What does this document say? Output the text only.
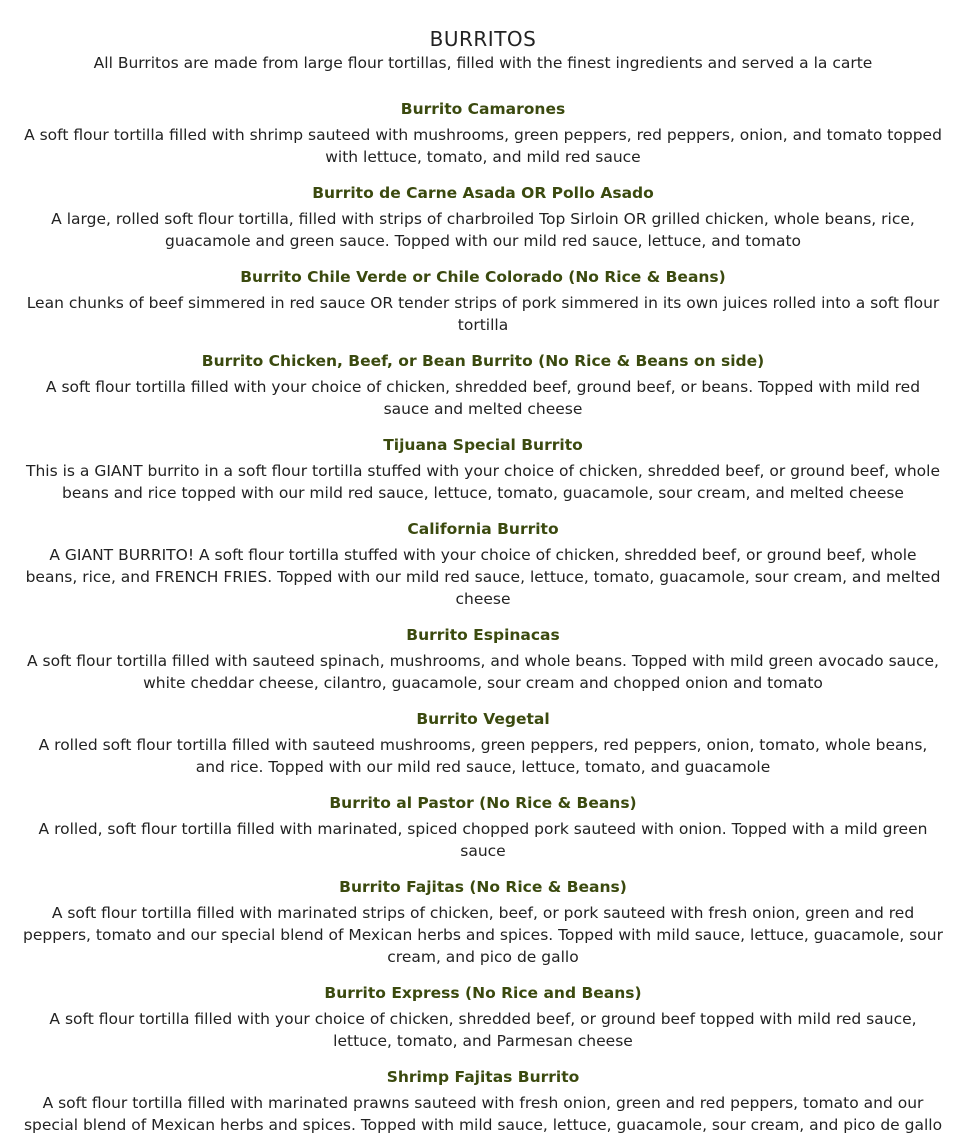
BURRITOS

All Burritos are made from large flour tortillas, filled with the finest ingredients and served a la carte

Burrito Camarones

A soft flour tortilla filled with shrimp sauteed with mushrooms, green peppers, red peppers, onion, and tomato topped with lettuce, tomato, and mild red sauce

Burrito de Carne Asada OR Pollo Asado

A large, rolled soft flour tortilla, filled with strips of charbroiled Top Sirloin OR grilled chicken, whole beans, rice, guacamole and green sauce. Topped with our mild red sauce, lettuce, and tomato

Burrito Chile Verde or Chile Colorado (No Rice & Beans)

Lean chunks of beef simmered in red sauce OR tender strips of pork simmered in its own juices rolled into a soft flour tortilla

Burrito Chicken, Beef, or Bean Burrito (No Rice & Beans on side)

A soft flour tortilla filled with your choice of chicken, shredded beef, ground beef, or beans. Topped with mild red sauce and melted cheese

Tijuana Special Burrito

This is a GIANT burrito in a soft flour tortilla stuffed with your choice of chicken, shredded beef, or ground beef, whole beans and rice topped with our mild red sauce, lettuce, tomato, guacamole, sour cream, and melted cheese

California Burrito

A GIANT BURRITO! A soft flour tortilla stuffed with your choice of chicken, shredded beef, or ground beef, whole beans, rice, and FRENCH FRIES. Topped with our mild red sauce, lettuce, tomato, guacamole, sour cream, and melted cheese

Burrito Espinacas

A soft flour tortilla filled with sauteed spinach, mushrooms, and whole beans. Topped with mild green avocado sauce, white cheddar cheese, cilantro, guacamole, sour cream and chopped onion and tomato

Burrito Vegetal

A rolled soft flour tortilla filled with sauteed mushrooms, green peppers, red peppers, onion, tomato, whole beans, and rice. Topped with our mild red sauce, lettuce, tomato, and guacamole

Burrito al Pastor (No Rice & Beans)

A rolled, soft flour tortilla filled with marinated, spiced chopped pork sauteed with onion. Topped with a mild green sauce

Burrito Fajitas (No Rice & Beans)

A soft flour tortilla filled with marinated strips of chicken, beef, or pork sauteed with fresh onion, green and red peppers, tomato and our special blend of Mexican herbs and spices. Topped with mild sauce, lettuce, guacamole, sour cream, and pico de gallo

Burrito Express (No Rice and Beans)

A soft flour tortilla filled with your choice of chicken, shredded beef, or ground beef topped with mild red sauce, lettuce, tomato, and Parmesan cheese

Shrimp Fajitas Burrito

A soft flour tortilla filled with marinated prawns sauteed with fresh onion, green and red peppers, tomato and our special blend of Mexican herbs and spices. Topped with mild sauce, lettuce, guacamole, sour cream, and pico de gallo
